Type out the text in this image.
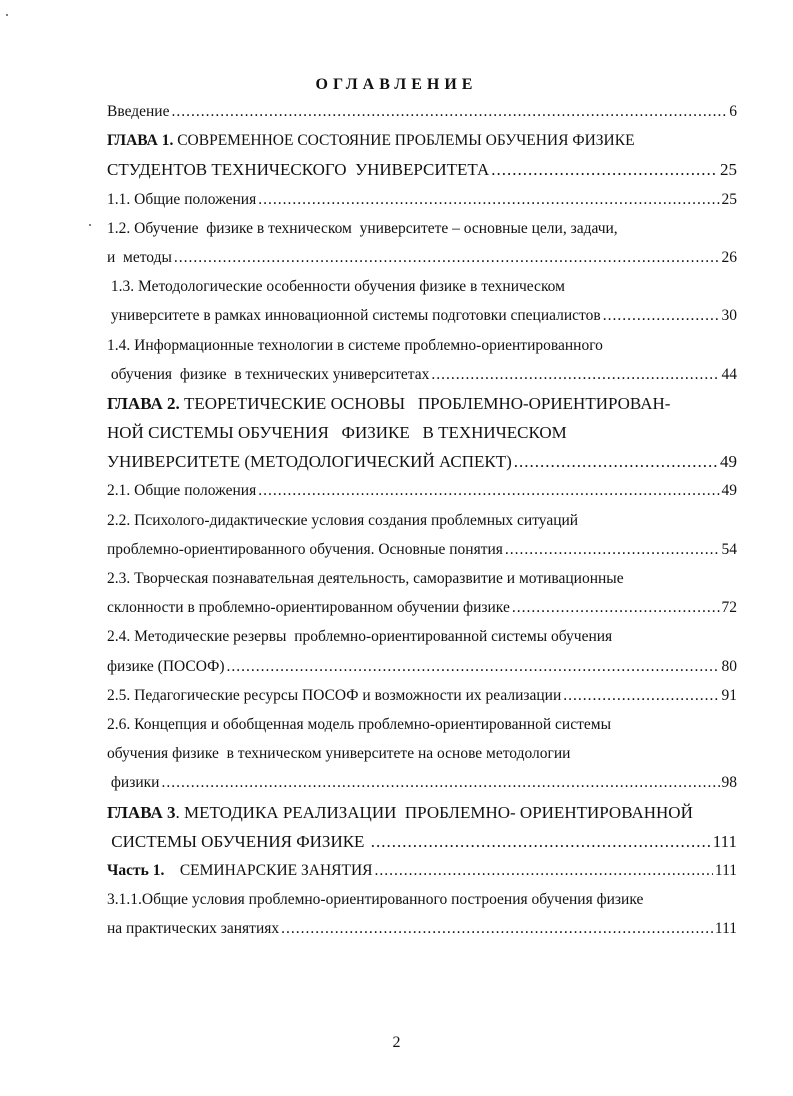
ОГЛАВЛЕНИЕ
Введение .....	6
ГЛАВА 1. СОВРЕМЕННОЕ СОСТОЯНИЕ ПРОБЛЕМЫ ОБУЧЕНИЯ ФИЗИКЕ
СТУДЕНТОВ ТЕХНИЧЕСКОГО  УНИВЕРСИТЕТА .....	25
1.1. Общие положения .....	25
1.2. Обучение  физике в техническом  университете – основные цели, задачи,
и  методы .....	26
1.3. Методологические особенности обучения физике в техническом
университете в рамках инновационной системы подготовки специалистов .....	30
1.4. Информационные технологии в системе проблемно-ориентированного
обучения  физике  в технических университетах .....	44
ГЛАВА 2. ТЕОРЕТИЧЕСКИЕ ОСНОВЫ   ПРОБЛЕМНО-ОРИЕНТИРОВАН-
НОЙ СИСТЕМЫ ОБУЧЕНИЯ   ФИЗИКЕ   В ТЕХНИЧЕСКОМ
УНИВЕРСИТЕТЕ (МЕТОДОЛОГИЧЕСКИЙ АСПЕКТ) .....	49
2.1. Общие положения .....	49
2.2. Психолого-дидактические условия создания проблемных ситуаций
проблемно-ориентированного обучения. Основные понятия .....	54
2.3. Творческая познавательная деятельность, саморазвитие и мотивационные
склонности в проблемно-ориентированном обучении физике .....	72
2.4. Методические резервы  проблемно-ориентированной системы обучения
физике (ПОСОФ) .....	80
2.5. Педагогические ресурсы ПОСОФ и возможности их реализации .....	91
2.6. Концепция и обобщенная модель проблемно-ориентированной системы
обучения физике  в техническом университете на основе методологии
физики .....	98
ГЛАВА 3. МЕТОДИКА РЕАЛИЗАЦИИ  ПРОБЛЕМНО- ОРИЕНТИРОВАННОЙ
СИСТЕМЫ ОБУЧЕНИЯ ФИЗИКЕ .....	111
Часть 1.    СЕМИНАРСКИЕ ЗАНЯТИЯ .....	111
3.1.1.Общие условия проблемно-ориентированного построения обучения физике
на практических занятиях .....	111
2
